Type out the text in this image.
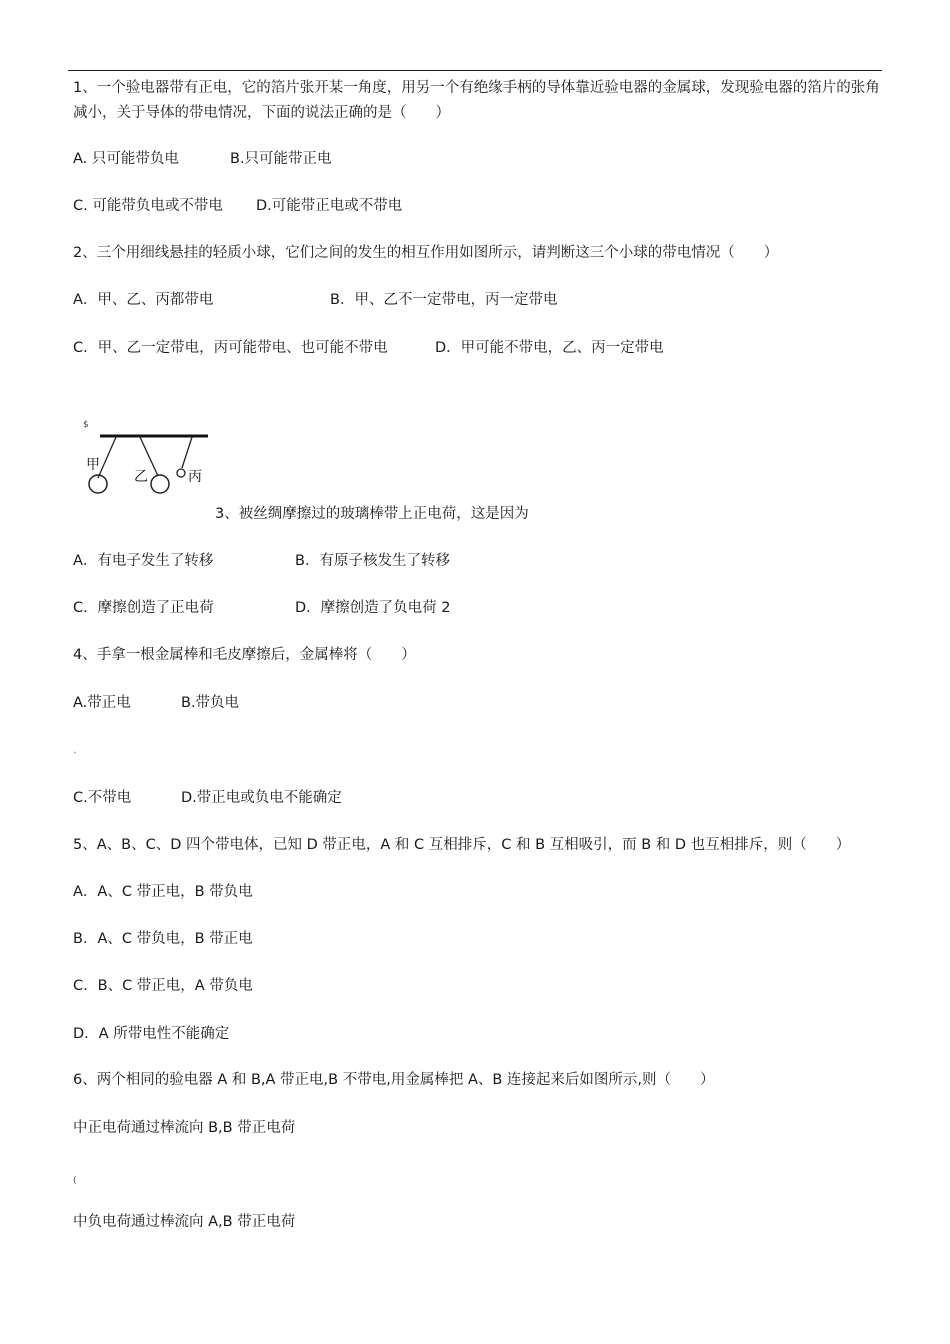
1、一个验电器带有正电，它的箔片张开某一角度，用另一个有绝缘手柄的导体靠近验电器的金属球，发现验电器的箔片的张角减小，关于导体的带电情况，下面的说法正确的是（　　）
A. 只可能带负电	B.只可能带正电
C. 可能带负电或不带电 D.可能带正电或不带电
2、三个用细线悬挂的轻质小球，它们之间的发生的相互作用如图所示，请判断这三个小球的带电情况（　　）
A．甲、乙、丙都带电	B．甲、乙不一定带电，丙一定带电
C．甲、乙一定带电，丙可能带电、也可能不带电	D．甲可能不带电，乙、丙一定带电
$
甲
乙	丙
3、被丝绸摩擦过的玻璃棒带上正电荷，这是因为
A．有电子发生了转移	B．有原子核发生了转移
C．摩擦创造了正电荷	D．摩擦创造了负电荷 2
4、手拿一根金属棒和毛皮摩擦后，金属棒将（　　）
A.带正电	B.带负电
`
C.不带电	D.带正电或负电不能确定
5、A、B、C、D 四个带电体，已知 D 带正电，A 和 C 互相排斥，C 和 B 互相吸引，而 B 和 D 也互相排斥，则（　　）
A．A、C 带正电，B 带负电
B．A、C 带负电，B 带正电
C．B、C 带正电，A 带负电
D．A 所带电性不能确定
6、两个相同的验电器 A 和 B,A 带正电,B 不带电,用金属棒把 A、B 连接起来后如图所示,则（　　）
中正电荷通过棒流向 B,B 带正电荷
(
中负电荷通过棒流向 A,B 带正电荷
